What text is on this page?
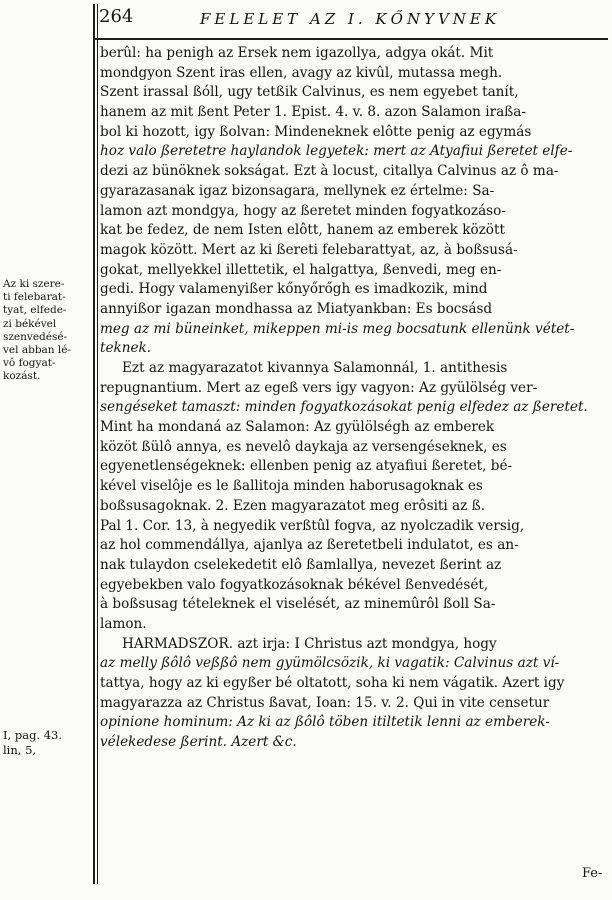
264	FELELET AZ I. KŐNYVNEK
Az ki szere-
ti felebarat-
tyat, elfede-
zi békével
szenvedésé-
vel abban lé-
vô fogyat-
kozást.
I, pag. 43.
lin, 5,
berûl: ha penigh az Ersek nem igazollya, adgya okát. Mit
mondgyon Szent iras ellen, avagy az kivûl, mutassa megh.
Szent irassal ßóll, ugy tetßik Calvinus, es nem egyebet tanít,
hanem az mit ßent Peter 1. Epist. 4. v. 8. azon Salamon iraßa-
bol ki hozott, igy ßolvan: Mindeneknek elôtte penig az egymás
hoz valo ßeretetre haylandok legyetek: mert az Atyafiui ßeretet elfe-
dezi az bünöknek sokságat. Ezt à locust, citallya Calvinus az ô ma-
gyarazasanak igaz bizonsagara, mellynek ez értelme: Sa-
lamon azt mondgya, hogy az ßeretet minden fogyatkozáso-
kat be fedez, de nem Isten elôtt, hanem az emberek között
magok között. Mert az ki ßereti felebarattyat, az, à boßsusá-
gokat, mellyekkel illettetik, el halgattya, ßenvedi, meg en-
gedi. Hogy valamenyißer kőnyőrőgh es imadkozik, mind
annyißor igazan mondhassa az Miatyankban: Es bocsásd
meg az mi büneinket, mikeppen mi-is meg bocsatunk ellenünk vétet-
teknek.
Ezt az magyarazatot kivannya Salamonnál, 1. antithesis
repugnantium. Mert az egeß vers igy vagyon: Az gyülölség ver-
sengéseket tamaszt: minden fogyatkozásokat penig elfedez az ßeretet.
Mint ha mondaná az Salamon: Az gyülölségh az emberek
közöt ßülô annya, es nevelô daykaja az versengéseknek, es
egyenetlenségeknek: ellenben penig az atyafiui ßeretet, bé-
kével viselôje es le ßallitoja minden haborusagoknak es
boßsusagoknak. 2. Ezen magyarazatot meg erôsiti az ß.
Pal 1. Cor. 13, à negyedik verßtûl fogva, az nyolczadik versig,
az hol commendállya, ajanlya az ßeretetbeli indulatot, es an-
nak tulaydon cselekedetit elô ßamlallya, nevezet ßerint az
egyebekben valo fogyatkozásoknak békével ßenvedését,
à boßsusag tételeknek el viselését, az minemûrôl ßoll Sa-
lamon.
HARMADSZOR. azt irja: I Christus azt mondgya, hogy
az melly ßôlô veßßô nem gyümölcsözik, ki vagatik: Calvinus azt ví-
tattya, hogy az ki egyßer bé oltatott, soha ki nem vágatik. Azert igy
magyarazza az Christus ßavat, Ioan: 15. v. 2. Qui in vite censetur
opinione hominum: Az ki az ßôlô töben itiltetik lenni az emberek-
vélekedese ßerint. Azert &c.
Fe-
